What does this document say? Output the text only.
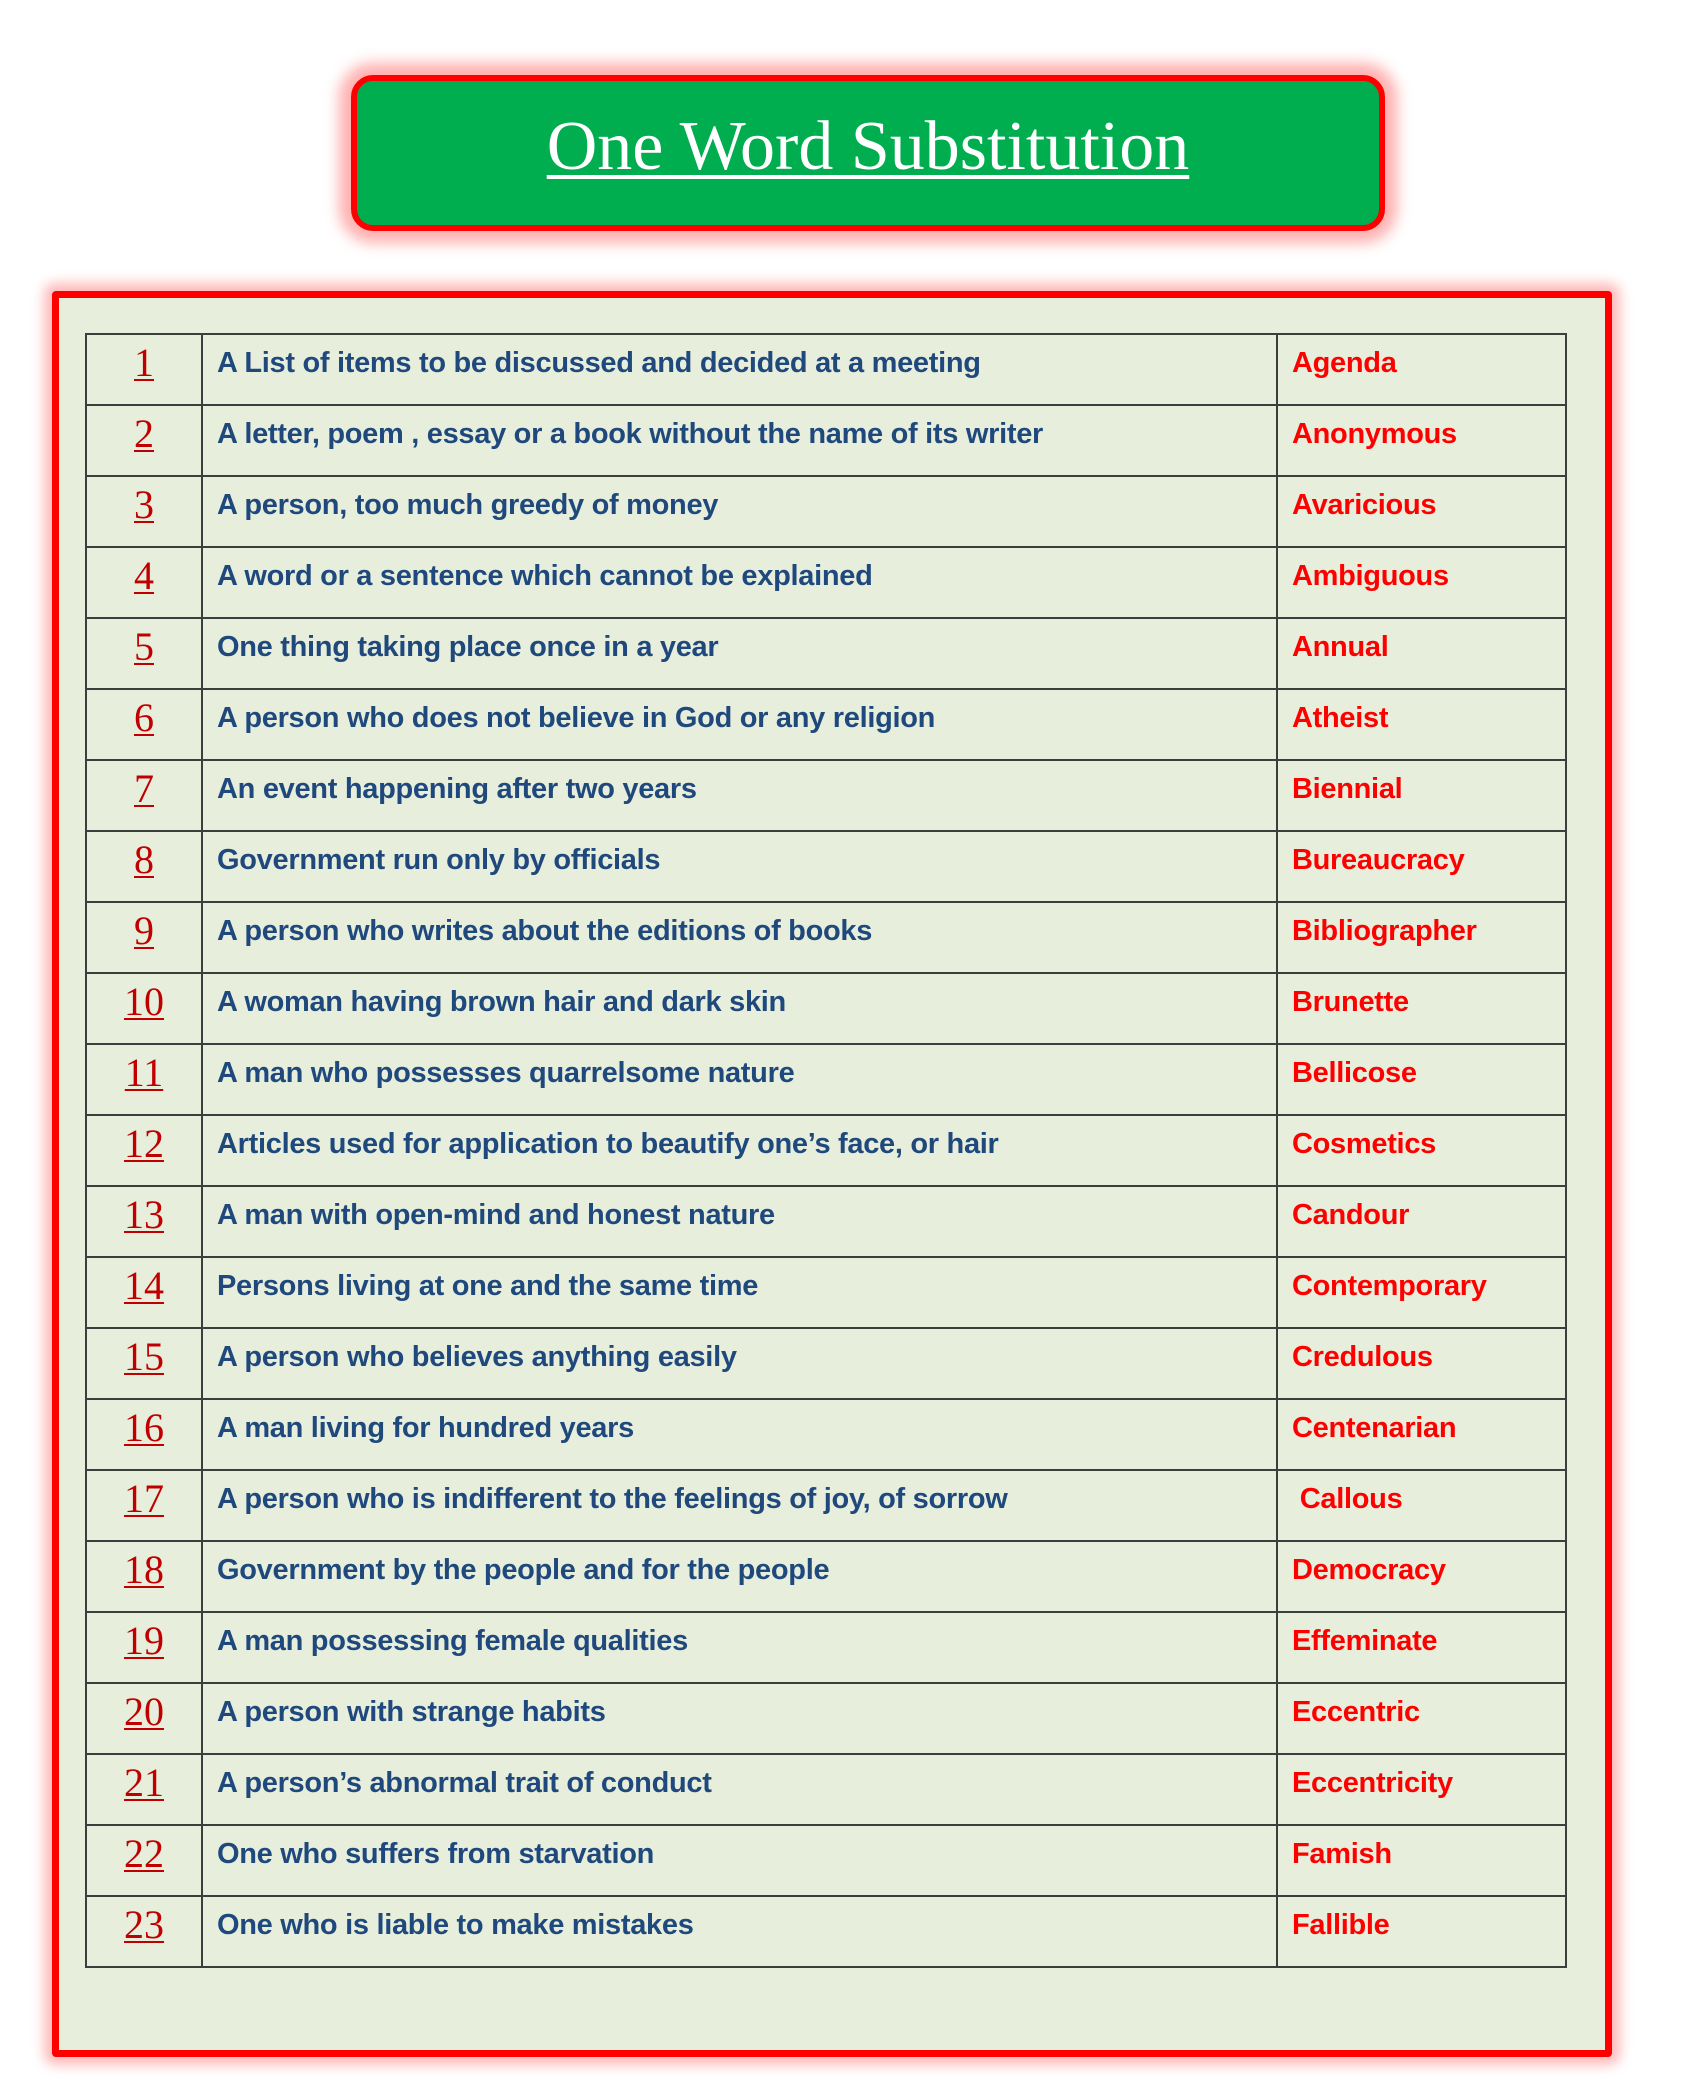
One Word Substitution
1	A List of items to be discussed and decided at a meeting	Agenda

2	A letter, poem , essay or a book without the name of its writer	Anonymous

3	A person, too much greedy of money	Avaricious

4	A word or a sentence which cannot be explained	Ambiguous

5	One thing taking place once in a year	Annual

6	A person who does not believe in God or any religion	Atheist

7	An event happening after two years	Biennial

8	Government run only by officials	Bureaucracy

9	A person who writes about the editions of books	Bibliographer

10	A woman having brown hair and dark skin	Brunette

11	A man who possesses quarrelsome nature	Bellicose

12	Articles used for application to beautify one’s face, or hair	Cosmetics

13	A man with open-mind and honest nature	Candour

14	Persons living at one and the same time	Contemporary

15	A person who believes anything easily	Credulous

16	A man living for hundred years	Centenarian

17	A person who is indifferent to the feelings of joy, of sorrow	Callous

18	Government by the people and for the people	Democracy

19	A man possessing female qualities	Effeminate

20	A person with strange habits	Eccentric

21	A person’s abnormal trait of conduct	Eccentricity

22	One who suffers from starvation	Famish

23	One who is liable to make mistakes	Fallible
